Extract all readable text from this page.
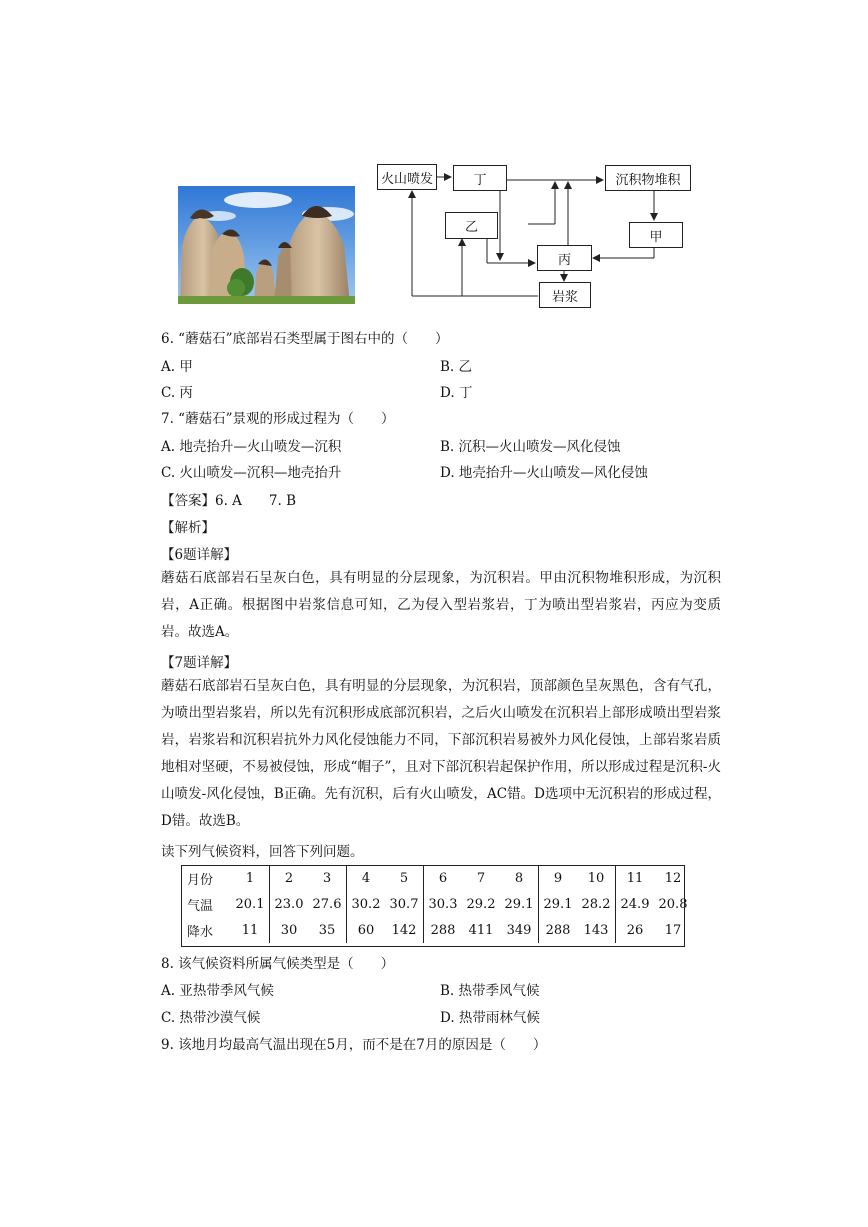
火山喷发	丁	沉积物堆积
乙
甲
丙
岩浆
6. “蘑菇石”底部岩石类型属于图右中的（　　）
A. 甲	B. 乙
C. 丙	D. 丁
7. “蘑菇石”景观的形成过程为（　　）
A. 地壳抬升—火山喷发—沉积	B. 沉积—火山喷发—风化侵蚀
C. 火山喷发—沉积—地壳抬升	D. 地壳抬升—火山喷发—风化侵蚀
【答案】6. A　　7. B
【解析】
【6题详解】
蘑菇石底部岩石呈灰白色，具有明显的分层现象，为沉积岩。甲由沉积物堆积形成，为沉积岩，A正确。根据图中岩浆信息可知，乙为侵入型岩浆岩，丁为喷出型岩浆岩，丙应为变质岩。故选A。
【7题详解】
蘑菇石底部岩石呈灰白色，具有明显的分层现象，为沉积岩，顶部颜色呈灰黑色，含有气孔，为喷出型岩浆岩，所以先有沉积形成底部沉积岩，之后火山喷发在沉积岩上部形成喷出型岩浆岩，岩浆岩和沉积岩抗外力风化侵蚀能力不同，下部沉积岩易被外力风化侵蚀，上部岩浆岩质地相对坚硬，不易被侵蚀，形成“帽子”，且对下部沉积岩起保护作用，所以形成过程是沉积-火山喷发-风化侵蚀，B正确。先有沉积，后有火山喷发，AC错。D选项中无沉积岩的形成过程，D错。故选B。
读下列气候资料，回答下列问题。
月份	1	2	3	4	5	6	7	8	9	10	11	12
气温	20.1	23.0	27.6	30.2	30.7	30.3	29.2	29.1	29.1	28.2	24.9	20.8
降水	11	30	35	60	142	288	411	349	288	143	26	17
8. 该气候资料所属气候类型是（　　）
A. 亚热带季风气候	B. 热带季风气候
C. 热带沙漠气候	D. 热带雨林气候
9. 该地月均最高气温出现在5月，而不是在7月的原因是（　　）
